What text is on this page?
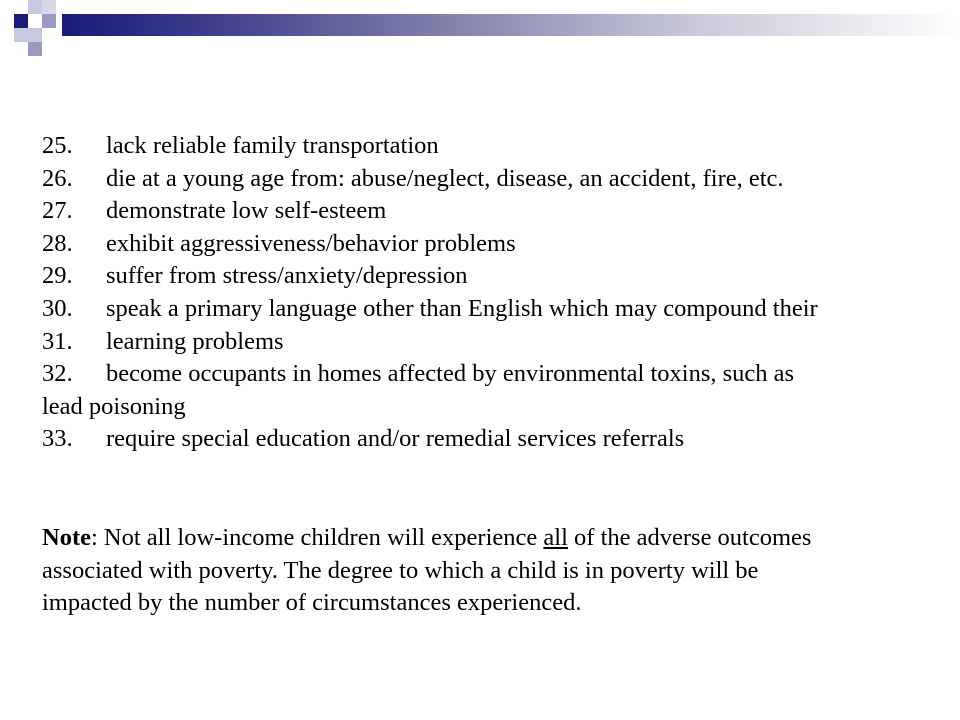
25. lack reliable family transportation
26. die at a young age from: abuse/neglect, disease, an accident, fire, etc.
27. demonstrate low self-esteem
28. exhibit aggressiveness/behavior problems
29. suffer from stress/anxiety/depression
30. speak a primary language other than English which may compound their
31. learning problems
32. become occupants in homes affected by environmental toxins, such as
lead poisoning
33. require special education and/or remedial services referrals
Note: Not all low-income children will experience all of the adverse outcomes
associated with poverty. The degree to which a child is in poverty will be
impacted by the number of circumstances experienced.
